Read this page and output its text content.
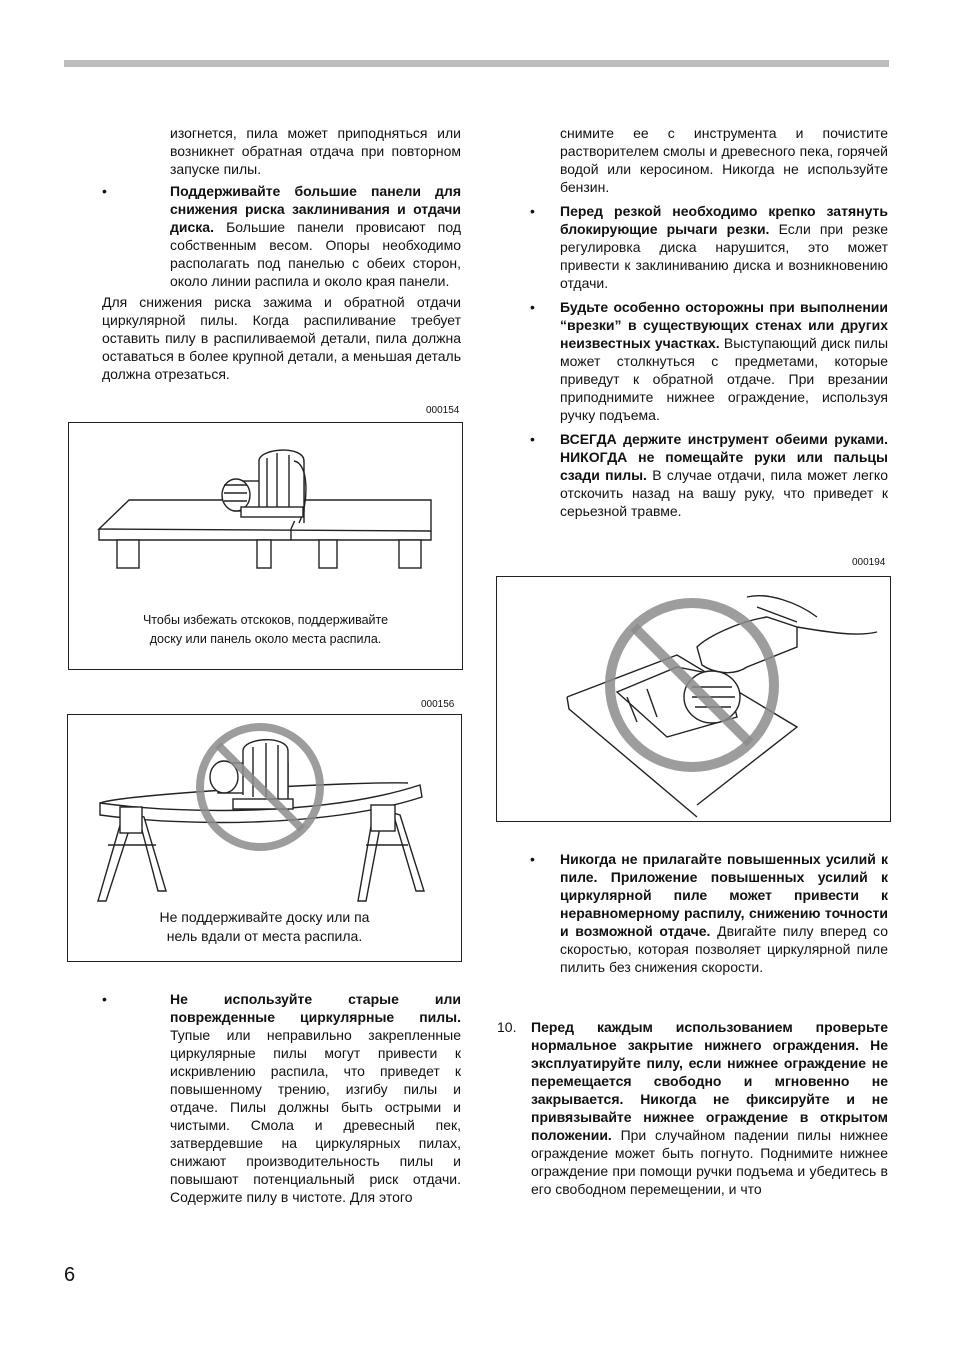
изогнется, пила может приподняться или возникнет обратная отдача при повторном запуске пилы.

•	Поддерживайте большие панели для снижения риска заклинивания и отдачи диска. Большие панели провисают под собственным весом. Опоры необходимо располагать под панелью с обеих сторон, около линии распила и около края панели.

Для снижения риска зажима и обратной отдачи циркулярной пилы. Когда распиливание требует оставить пилу в распиливаемой детали, пила должна оставаться в более крупной детали, а меньшая деталь должна отрезаться.

000154
Чтобы избежать отскоков, поддерживайте
доску или панель около места распила.
000156
Не поддерживайте доску или па
нель вдали от места распила.
•	Не используйте старые или поврежденные циркулярные пилы. Тупые или неправильно закрепленные циркулярные пилы могут привести к искривлению распила, что приведет к повышенному трению, изгибу пилы и отдаче. Пилы должны быть острыми и чистыми. Смола и древесный пек, затвердевшие на циркулярных пилах, снижают производительность пилы и повышают потенциальный риск отдачи. Содержите пилу в чистоте. Для этого

снимите ее с инструмента и почистите растворителем смолы и древесного пека, горячей водой или керосином. Никогда не используйте бензин.

• Перед резкой необходимо крепко затянуть блокирующие рычаги резки. Если при резке регулировка диска нарушится, это может привести к заклиниванию диска и возникновению отдачи.
• Будьте особенно осторожны при выполнении “врезки” в существующих стенах или других неизвестных участках. Выступающий диск пилы может столкнуться с предметами, которые приведут к обратной отдаче. При врезании приподнимите нижнее ограждение, используя ручку подъема.
• ВСЕГДА держите инструмент обеими руками. НИКОГДА не помещайте руки или пальцы сзади пилы. В случае отдачи, пила может легко отскочить назад на вашу руку, что приведет к серьезной травме.
000194
• Никогда не прилагайте повышенных усилий к пиле. Приложение повышенных усилий к циркулярной пиле может привести к неравномерному распилу, снижению точности и возможной отдаче. Двигайте пилу вперед со скоростью, которая позволяет циркулярной пиле пилить без снижения скорости.
10. Перед каждым использованием проверьте нормальное закрытие нижнего ограждения. Не эксплуатируйте пилу, если нижнее ограждение не перемещается свободно и мгновенно не закрывается. Никогда не фиксируйте и не привязывайте нижнее ограждение в открытом положении. При случайном падении пилы нижнее ограждение может быть погнуто. Поднимите нижнее ограждение при помощи ручки подъема и убедитесь в его свободном перемещении, и что
6
